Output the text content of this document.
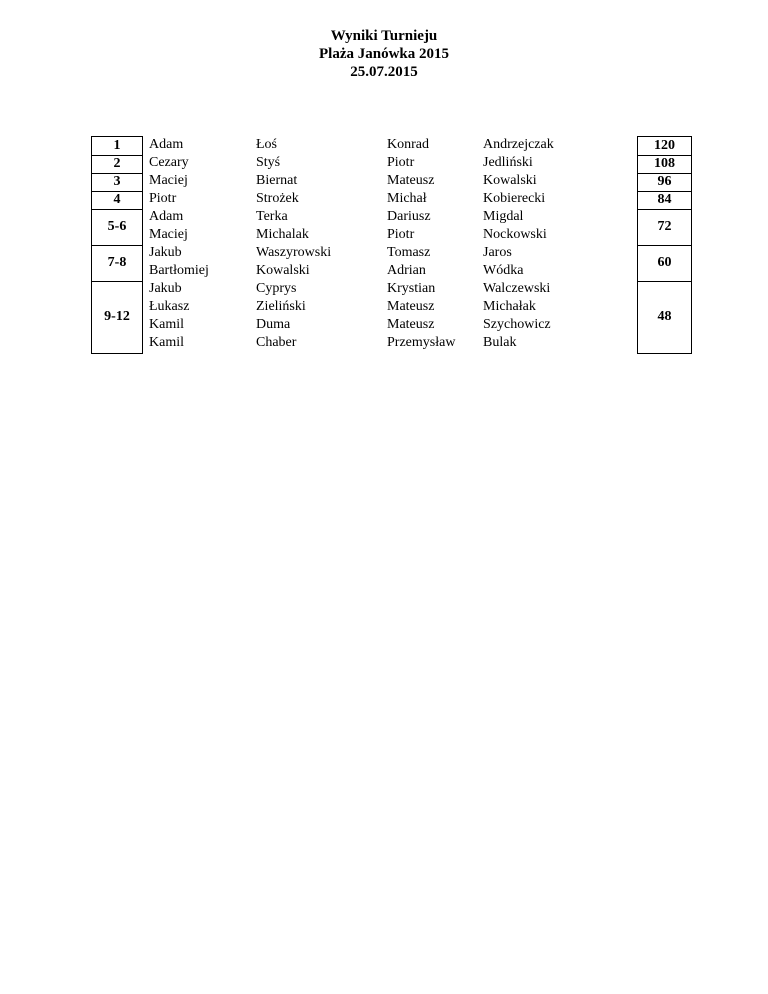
Wyniki Turnieju
Plaża Janówka 2015
25.07.2015
1
2
3
4
5-6
7-8
9-12
Adam
Cezary
Maciej
Piotr
Adam
Maciej
Jakub
Bartłomiej
Jakub
Łukasz
Kamil
Kamil
Łoś
Styś
Biernat
Strożek
Terka
Michalak
Waszyrowski
Kowalski
Cyprys
Zieliński
Duma
Chaber
Konrad
Piotr
Mateusz
Michał
Dariusz
Piotr
Tomasz
Adrian
Krystian
Mateusz
Mateusz
Przemysław
Andrzejczak
Jedliński
Kowalski
Kobierecki
Migdal
Nockowski
Jaros
Wódka
Walczewski
Michałak
Szychowicz
Bulak
120
108
96
84
72
60
48
